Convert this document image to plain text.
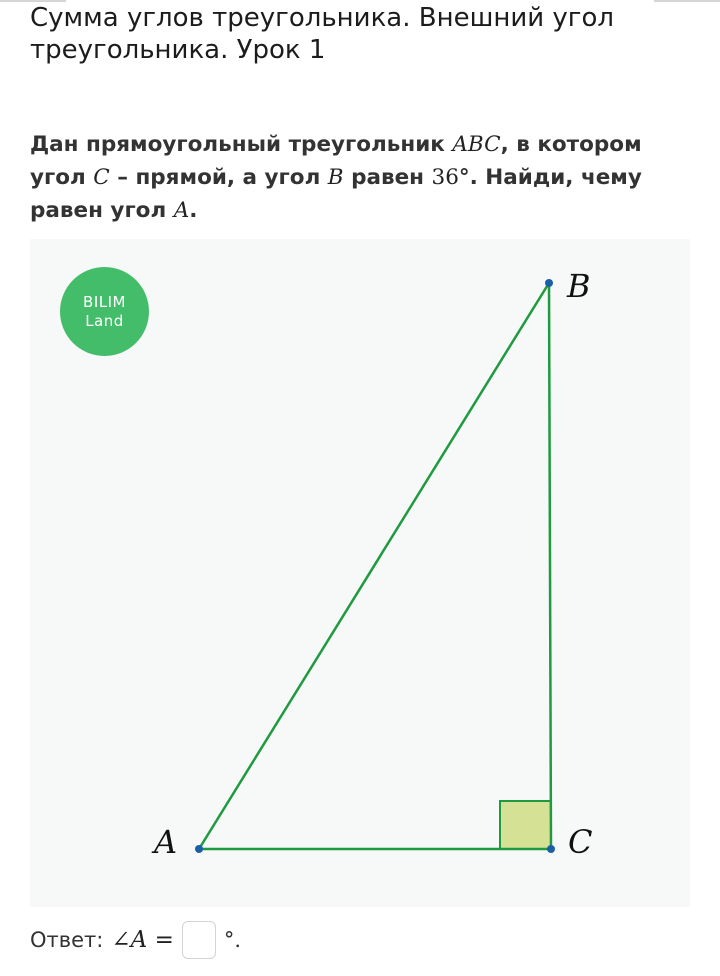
Сумма углов треугольника. Внешний угол треугольника. Урок 1

Дан прямоугольный треугольник ABC, в котором угол C – прямой, а угол B равен 36°. Найди, чему равен угол A.

A
B
C
BILIM
Land
Ответ: ∠A = °.
